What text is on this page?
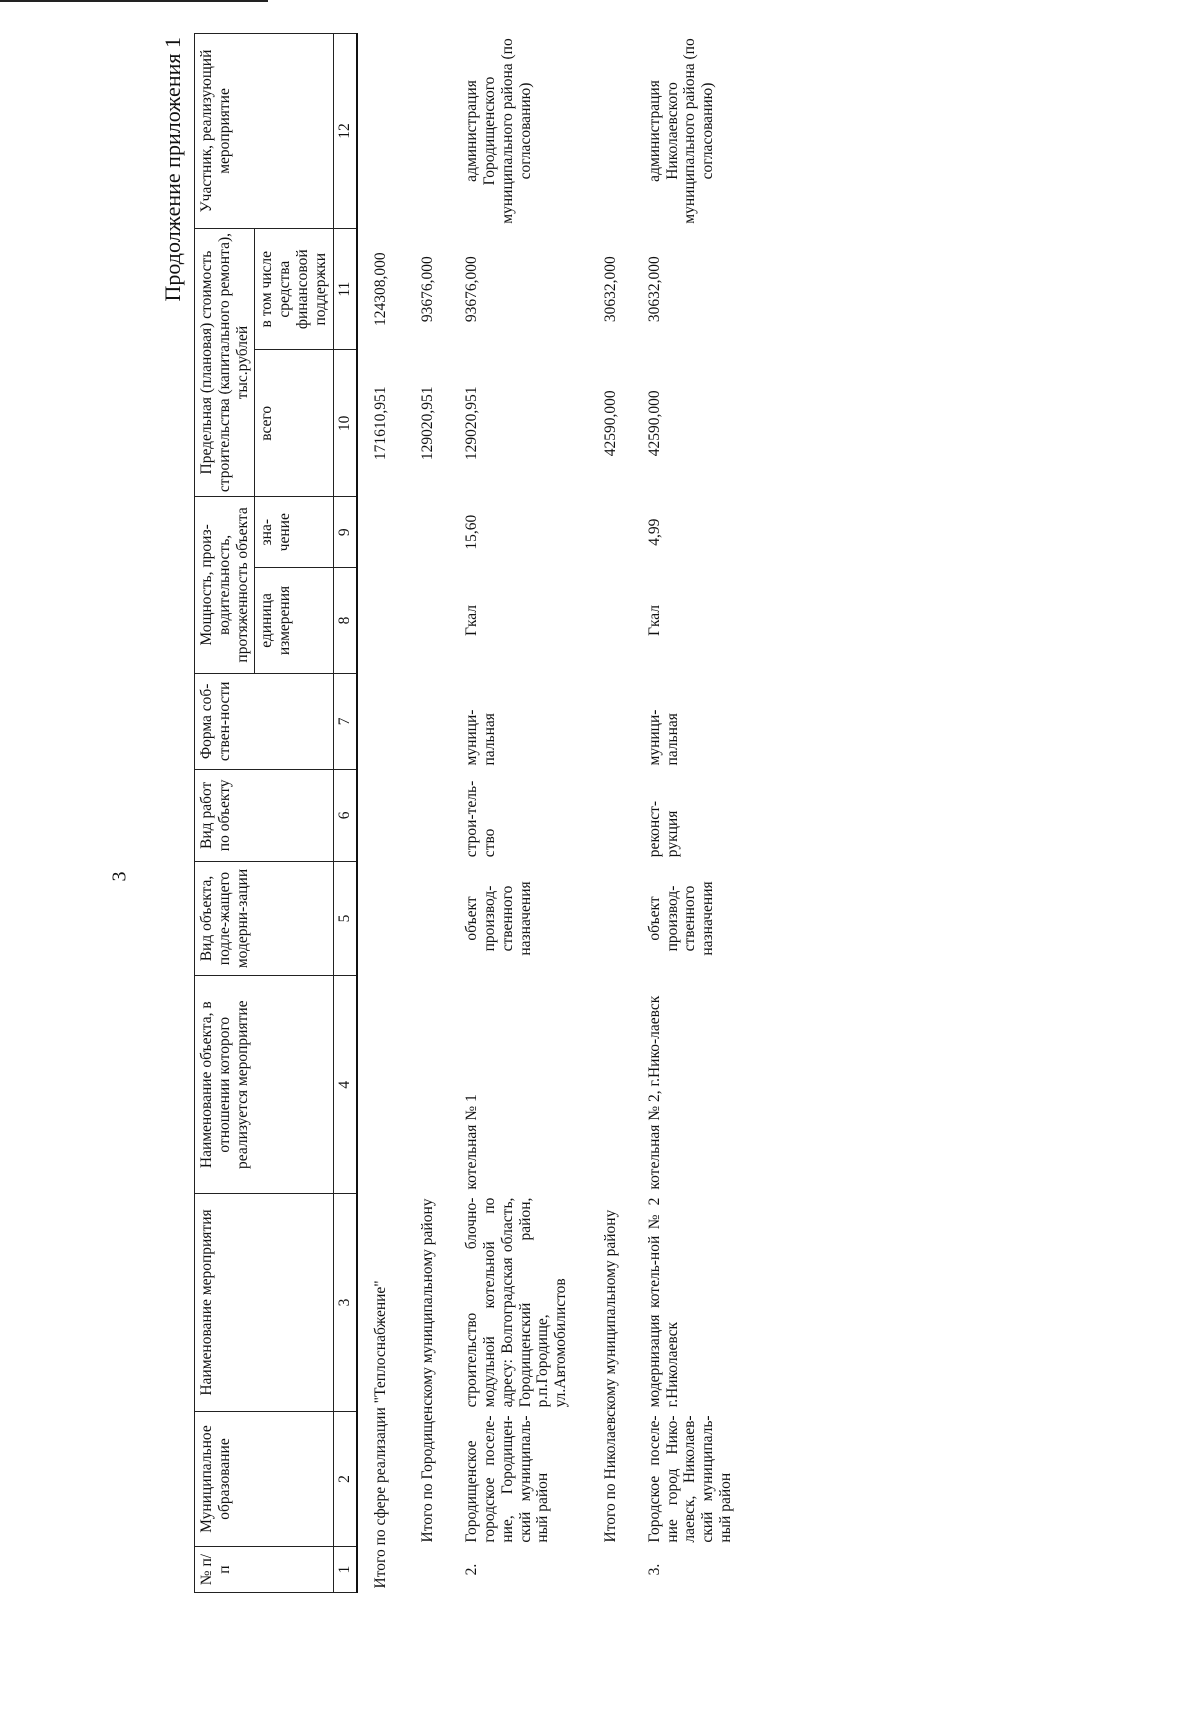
3
Продолжение приложения 1
№ п/п	Муниципальное образование	Наименование мероприятия	Наименование объекта, в отношении которого реализуется мероприятие	Вид объекта, подле-жащего модерни-зации	Вид работ по объекту	Форма соб-ствен-ности	Мощность, произ-водительность, протяженность объекта		Предельная (плановая) стоимость строительства (капитального ремонта), тыс.рублей		Участник, реализующий мероприятие
							единица измерения	зна-чение	всего	в том числе средства финансовой поддержки	
1	2	3	4	5	6	7	8	9	10	11	12
Итого по сфере реализации "Теплоснабжение"									171610,951	124308,000	
Итого по Городищенскому муниципальному району									129020,951	93676,000	
2.	Городищенское городское поселе-ние, Городищен-ский муниципаль-ный район	строительство блочно-модульной котельной по адресу: Волгоградская область, Городищенский район, р.п.Городище, ул.Автомобилистов	котельная № 1	объект производ-ственного назначения	строи-тель-ство	муници-пальная	Гкал	15,60	129020,951	93676,000	администрация Городищенского муниципального района (по согласованию)
Итого по Николаевскому муниципальному району									42590,000	30632,000	
3.	Городское поселе-ние город Нико-лаевск, Николаев-ский муниципаль-ный район	модернизация котель-ной № 2 г.Николаевск	котельная № 2, г.Нико-лаевск	объект производ-ственного назначения	реконст-рукция	муници-пальная	Гкал	4,99	42590,000	30632,000	администрация Николаевского муниципального района (по согласованию)
